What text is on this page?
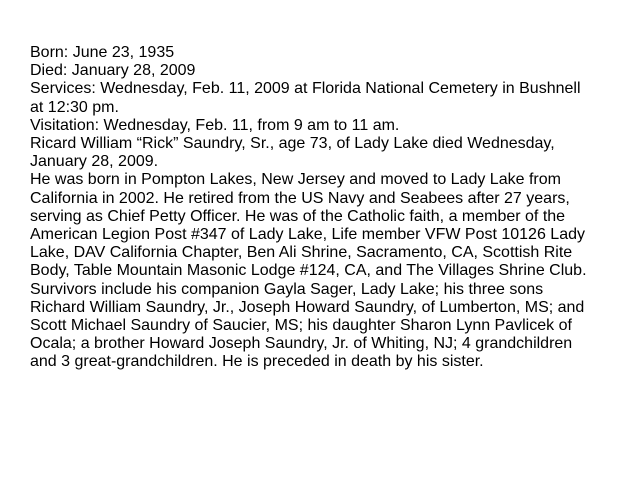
Born: June 23, 1935
Died: January 28, 2009
Services: Wednesday, Feb. 11, 2009 at Florida National Cemetery in Bushnell
at 12:30 pm.
Visitation: Wednesday, Feb. 11, from 9 am to 11 am.
Ricard William “Rick” Saundry, Sr., age 73, of Lady Lake died Wednesday,
January 28, 2009.
He was born in Pompton Lakes, New Jersey and moved to Lady Lake from
California in 2002. He retired from the US Navy and Seabees after 27 years,
serving as Chief Petty Officer. He was of the Catholic faith, a member of the
American Legion Post #347 of Lady Lake, Life member VFW Post 10126 Lady
Lake, DAV California Chapter, Ben Ali Shrine, Sacramento, CA, Scottish Rite
Body, Table Mountain Masonic Lodge #124, CA, and The Villages Shrine Club.
Survivors include his companion Gayla Sager, Lady Lake; his three sons
Richard William Saundry, Jr., Joseph Howard Saundry, of Lumberton, MS; and
Scott Michael Saundry of Saucier, MS; his daughter Sharon Lynn Pavlicek of
Ocala; a brother Howard Joseph Saundry, Jr. of Whiting, NJ; 4 grandchildren
and 3 great-grandchildren. He is preceded in death by his sister.
